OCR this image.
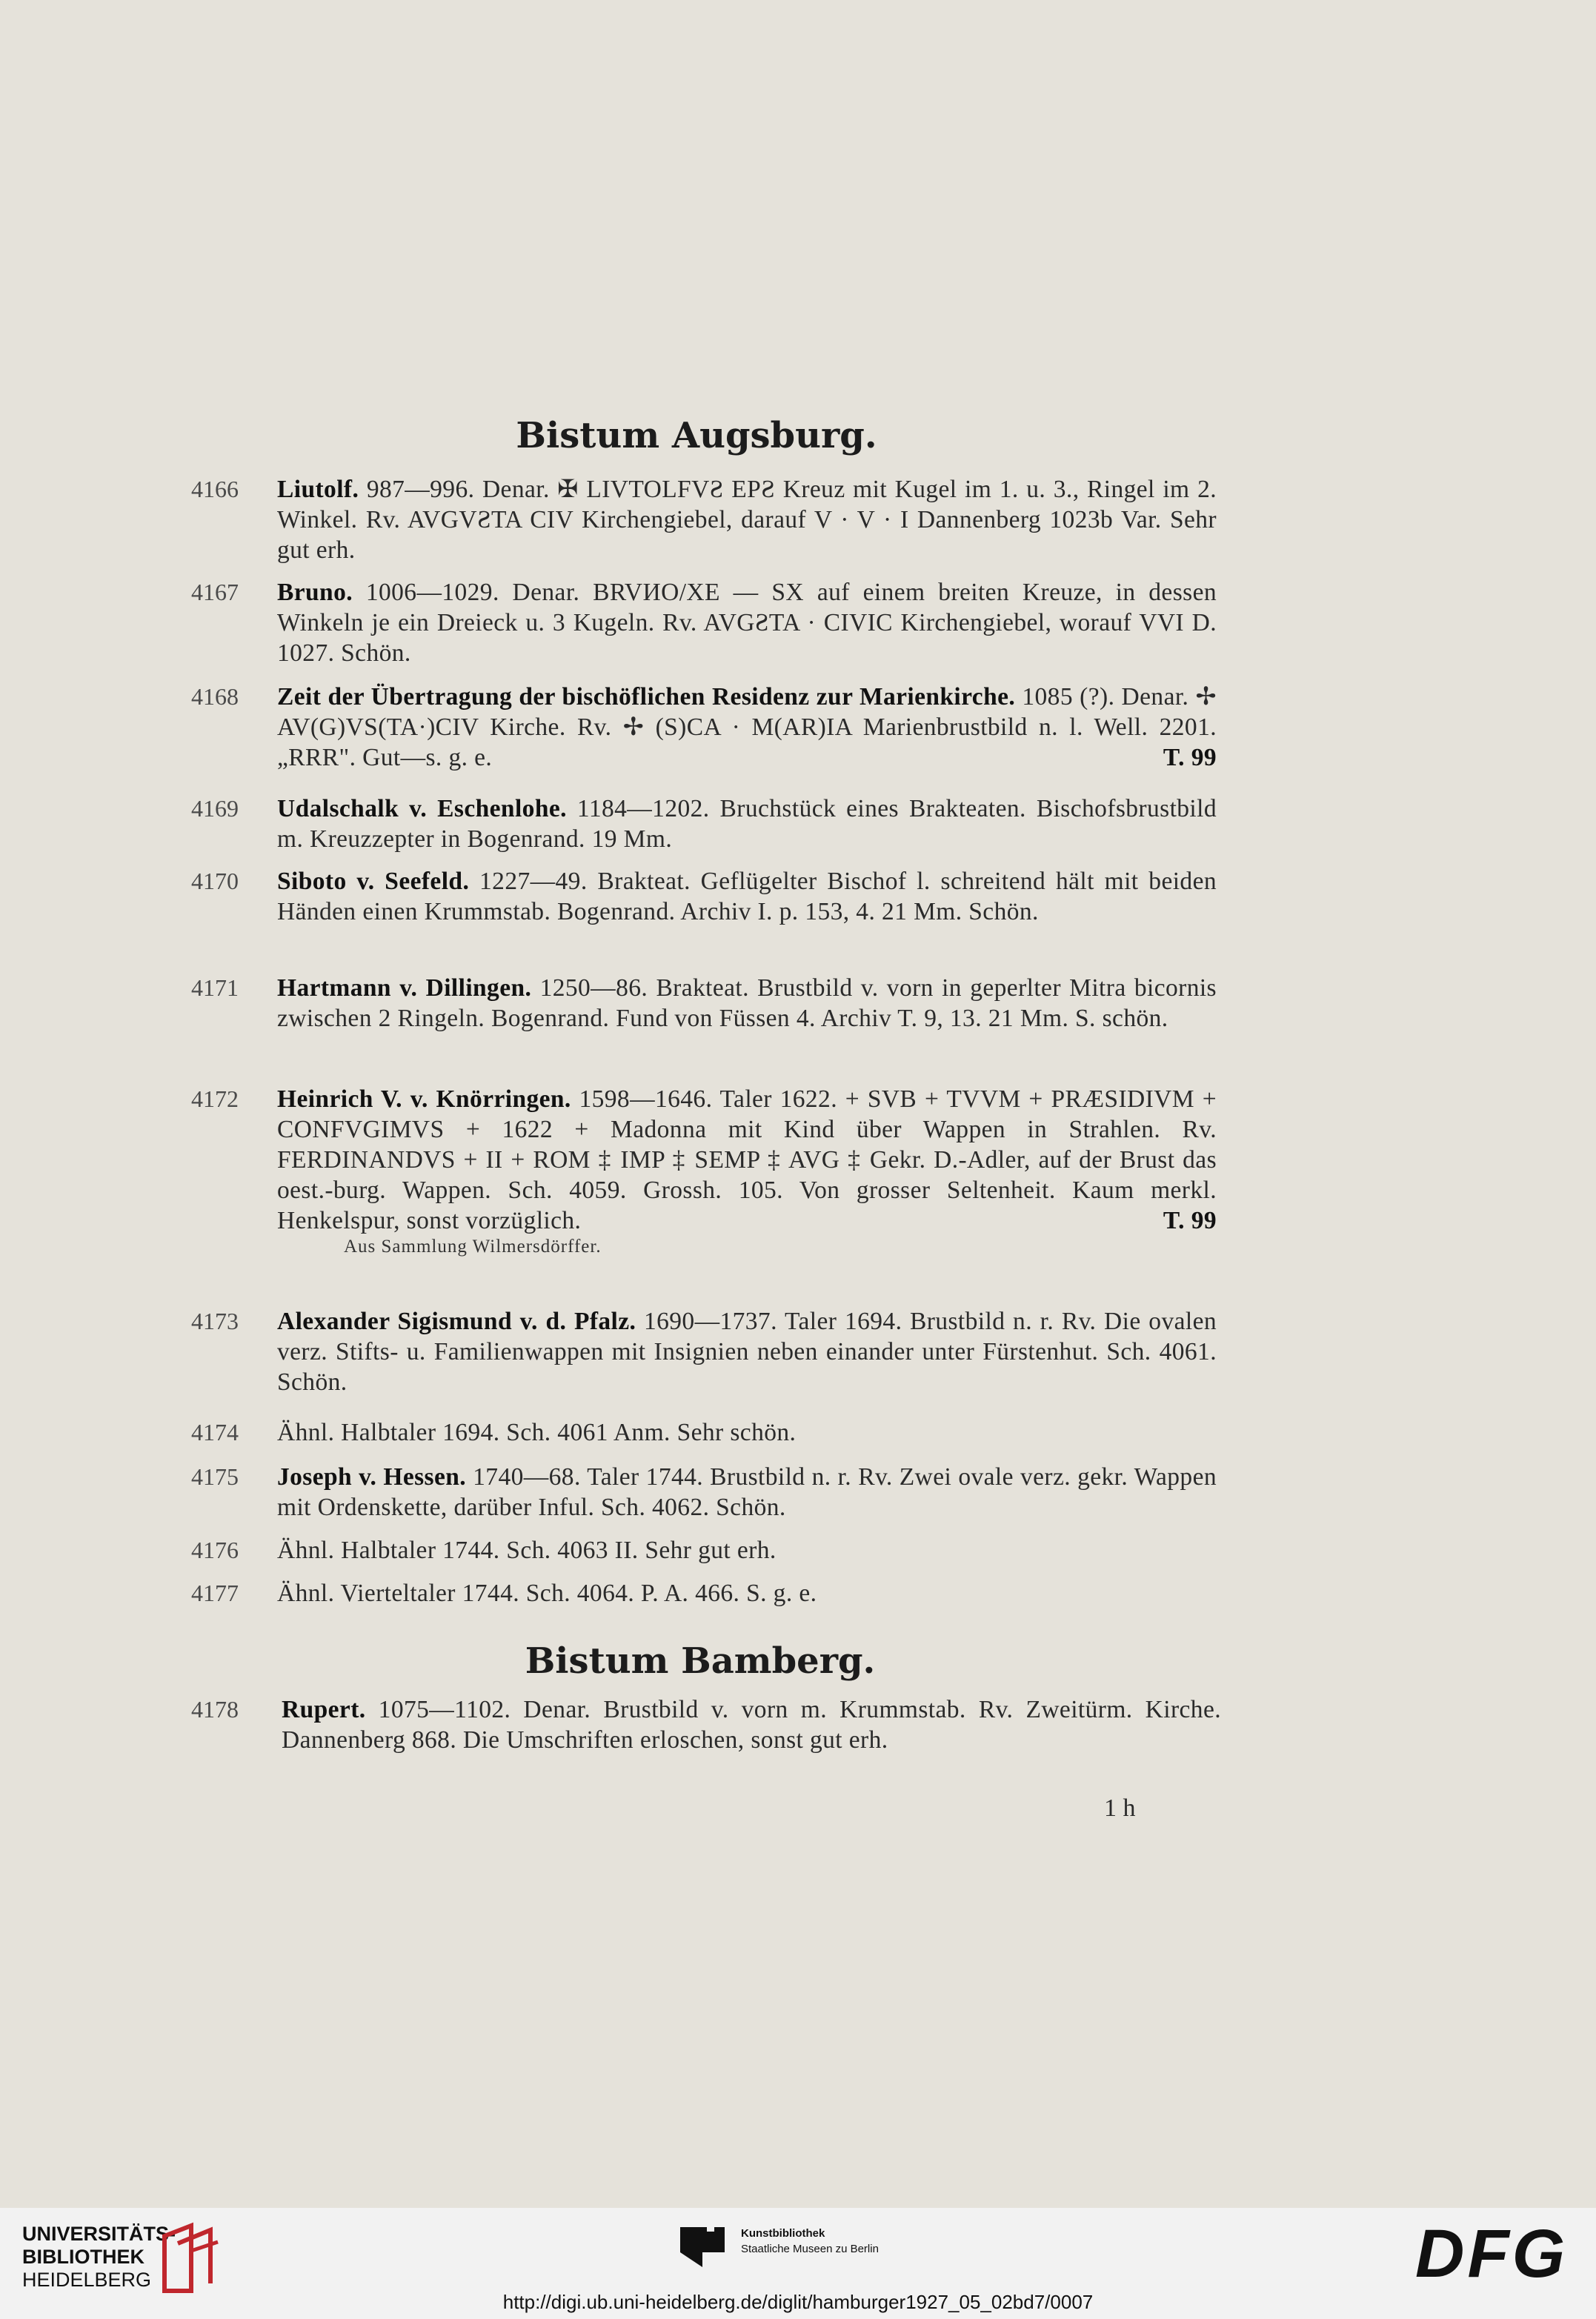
Bistum Augsburg.
4166 Liutolf. 987—996. Denar. ✠ LIVTOLFVƧ EPƧ Kreuz mit Kugel im 1. u. 3., Ringel im 2. Winkel. Rv. AVGVƧTA CIV Kirchengiebel, darauf V · V · I Dannenberg 1023b Var. Sehr gut erh.
4167 Bruno. 1006—1029. Denar. BRVИO/XE — SX auf einem breiten Kreuze, in dessen Winkeln je ein Dreieck u. 3 Kugeln. Rv. AVGƧTA · CIVIC Kirchengiebel, worauf VVI D. 1027. Schön.
4168 Zeit der Übertragung der bischöflichen Residenz zur Marienkirche. 1085 (?). Denar. ✢ AV(G)VS(TA·)CIV Kirche. Rv. ✢ (S)CA · M(AR)IA Marienbrustbild n. l. Well. 2201. „RRR". Gut—s. g. e.	T. 99
4169 Udalschalk v. Eschenlohe. 1184—1202. Bruchstück eines Brakteaten. Bischofsbrustbild m. Kreuzzepter in Bogenrand. 19 Mm.
4170 Siboto v. Seefeld. 1227—49. Brakteat. Geflügelter Bischof l. schreitend hält mit beiden Händen einen Krummstab. Bogenrand. Archiv I. p. 153, 4. 21 Mm. Schön.
4171 Hartmann v. Dillingen. 1250—86. Brakteat. Brustbild v. vorn in geperlter Mitra bicornis zwischen 2 Ringeln. Bogenrand. Fund von Füssen 4. Archiv T. 9, 13. 21 Mm. S. schön.
4172 Heinrich V. v. Knörringen. 1598—1646. Taler 1622. + SVB + TVVM + PRÆSIDIVM + CONFVGIMVS + 1622 + Madonna mit Kind über Wappen in Strahlen. Rv. FERDINANDVS + II + ROM ‡ IMP ‡ SEMP ‡ AVG ‡ Gekr. D.-Adler, auf der Brust das oest.-burg. Wappen. Sch. 4059. Grossh. 105. Von grosser Seltenheit. Kaum merkl. Henkelspur, sonst vorzüglich.	T. 99
Aus Sammlung Wilmersdörffer.
4173 Alexander Sigismund v. d. Pfalz. 1690—1737. Taler 1694. Brustbild n. r. Rv. Die ovalen verz. Stifts- u. Familienwappen mit Insignien neben einander unter Fürstenhut. Sch. 4061. Schön.
4174 Ähnl. Halbtaler 1694. Sch. 4061 Anm. Sehr schön.
4175 Joseph v. Hessen. 1740—68. Taler 1744. Brustbild n. r. Rv. Zwei ovale verz. gekr. Wappen mit Ordenskette, darüber Inful. Sch. 4062. Schön.
4176 Ähnl. Halbtaler 1744. Sch. 4063 II. Sehr gut erh.
4177 Ähnl. Vierteltaler 1744. Sch. 4064. P. A. 466. S. g. e.
Bistum Bamberg.
4178 Rupert. 1075—1102. Denar. Brustbild v. vorn m. Krummstab. Rv. Zweitürm. Kirche. Dannenberg 868. Die Umschriften erloschen, sonst gut erh.
1 h
UNIVERSITÄTS-
BIBLIOTHEK
HEIDELBERG
Kunstbibliothek
Staatliche Museen zu Berlin	DFG
http://digi.ub.uni-heidelberg.de/diglit/hamburger1927_05_02bd7/0007
